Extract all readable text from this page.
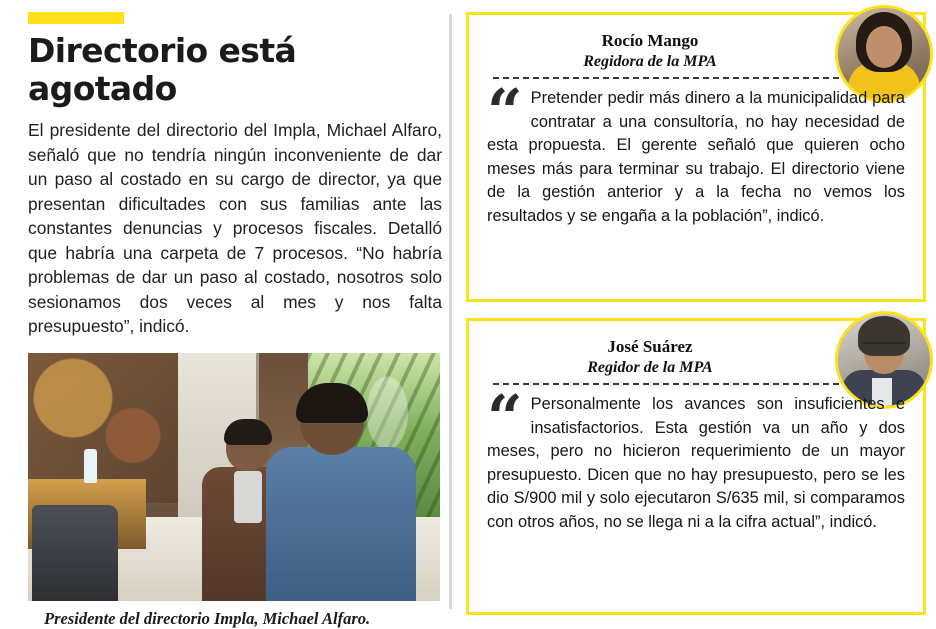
Directorio está agotado

El presidente del directorio del Impla, Michael Alfaro, señaló que no tendría ningún inconveniente de dar un paso al costado en su cargo de director, ya que presentan dificultades con sus familias ante las constantes denuncias y procesos fiscales. Detalló que habría una carpeta de 7 procesos. “No habría problemas de dar un paso al costado, nosotros solo sesionamos dos veces al mes y nos falta presupuesto”, indicó.

Presidente del directorio Impla, Michael Alfaro.
Rocío Mango
Regidora de la MPA
“ Pretender pedir más dinero a la municipalidad para contratar a una consultoría, no hay necesidad de esta propuesta. El gerente señaló que quieren ocho meses más para terminar su trabajo. El directorio viene de la gestión anterior y a la fecha no vemos los resultados y se engaña a la población”, indicó.
José Suárez
Regidor de la MPA
“ Personalmente los avances son insuficientes e insatisfactorios. Esta gestión va un año y dos meses, pero no hicieron requerimiento de un mayor presupuesto. Dicen que no hay presupuesto, pero se les dio S/900 mil y solo ejecutaron S/635 mil, si comparamos con otros años, no se llega ni a la cifra actual”, indicó.
